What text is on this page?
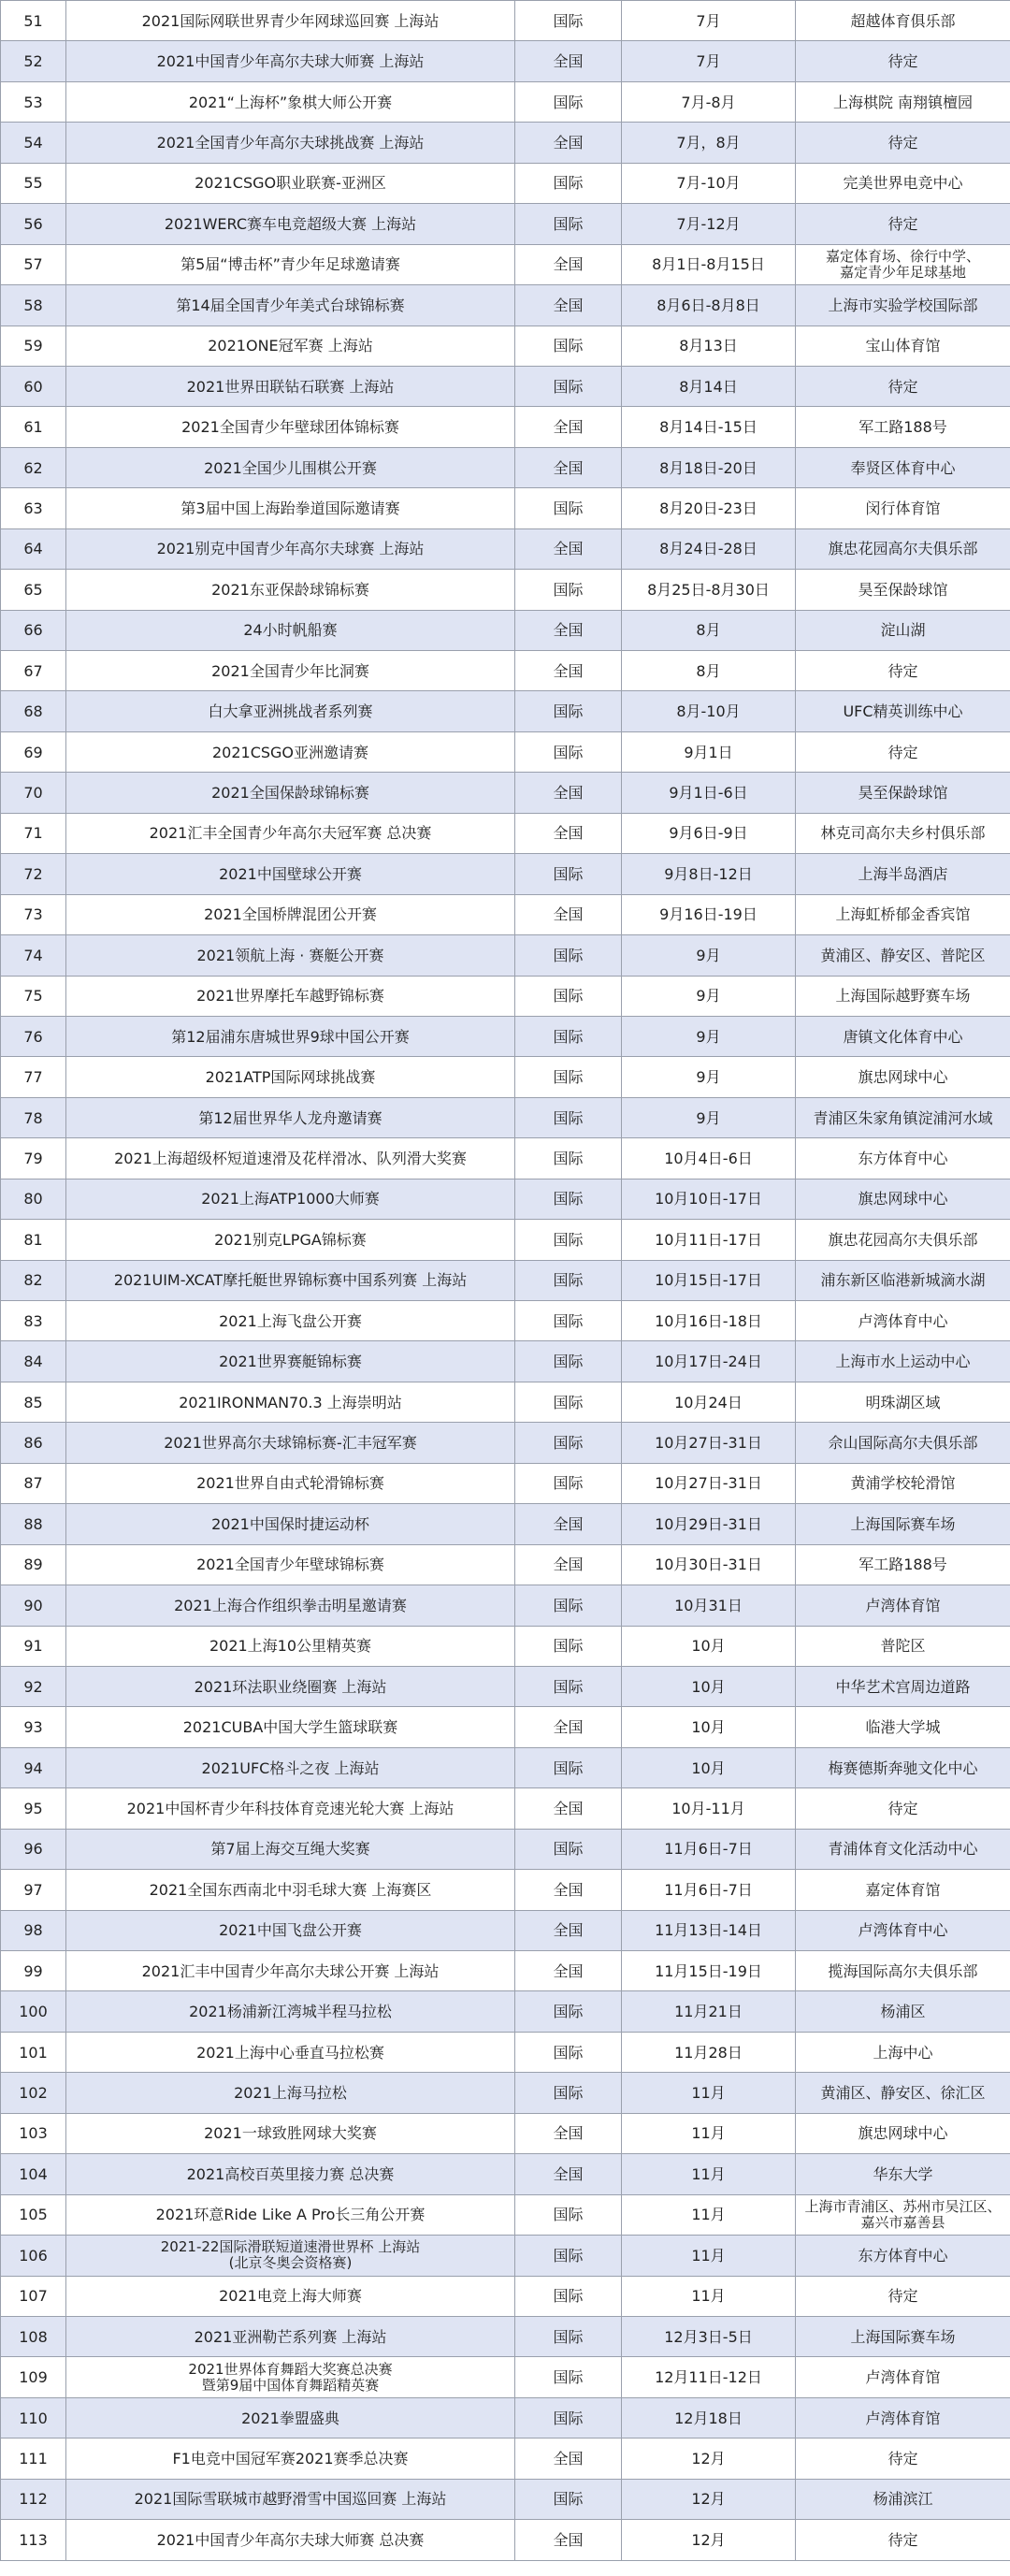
51	2021国际网联世界青少年网球巡回赛 上海站	国际	7月	超越体育俱乐部
52	2021中国青少年高尔夫球大师赛 上海站	全国	7月	待定
53	2021“上海杯”象棋大师公开赛	国际	7月-8月	上海棋院 南翔镇檀园
54	2021全国青少年高尔夫球挑战赛 上海站	全国	7月，8月	待定
55	2021CSGO职业联赛-亚洲区	国际	7月-10月	完美世界电竞中心
56	2021WERC赛车电竞超级大赛 上海站	国际	7月-12月	待定
57	第5届“博击杯”青少年足球邀请赛	全国	8月1日-8月15日	嘉定体育场、徐行中学、
嘉定青少年足球基地
58	第14届全国青少年美式台球锦标赛	全国	8月6日-8月8日	上海市实验学校国际部
59	2021ONE冠军赛 上海站	国际	8月13日	宝山体育馆
60	2021世界田联钻石联赛 上海站	国际	8月14日	待定
61	2021全国青少年壁球团体锦标赛	全国	8月14日-15日	军工路188号
62	2021全国少儿围棋公开赛	全国	8月18日-20日	奉贤区体育中心
63	第3届中国上海跆拳道国际邀请赛	国际	8月20日-23日	闵行体育馆
64	2021别克中国青少年高尔夫球赛 上海站	全国	8月24日-28日	旗忠花园高尔夫俱乐部
65	2021东亚保龄球锦标赛	国际	8月25日-8月30日	昊至保龄球馆
66	24小时帆船赛	全国	8月	淀山湖
67	2021全国青少年比洞赛	全国	8月	待定
68	白大拿亚洲挑战者系列赛	国际	8月-10月	UFC精英训练中心
69	2021CSGO亚洲邀请赛	国际	9月1日	待定
70	2021全国保龄球锦标赛	全国	9月1日-6日	昊至保龄球馆
71	2021汇丰全国青少年高尔夫冠军赛 总决赛	全国	9月6日-9日	林克司高尔夫乡村俱乐部
72	2021中国壁球公开赛	国际	9月8日-12日	上海半岛酒店
73	2021全国桥牌混团公开赛	全国	9月16日-19日	上海虹桥郁金香宾馆
74	2021领航上海 · 赛艇公开赛	国际	9月	黄浦区、静安区、普陀区
75	2021世界摩托车越野锦标赛	国际	9月	上海国际越野赛车场
76	第12届浦东唐城世界9球中国公开赛	国际	9月	唐镇文化体育中心
77	2021ATP国际网球挑战赛	国际	9月	旗忠网球中心
78	第12届世界华人龙舟邀请赛	国际	9月	青浦区朱家角镇淀浦河水域
79	2021上海超级杯短道速滑及花样滑冰、队列滑大奖赛	国际	10月4日-6日	东方体育中心
80	2021上海ATP1000大师赛	国际	10月10日-17日	旗忠网球中心
81	2021别克LPGA锦标赛	国际	10月11日-17日	旗忠花园高尔夫俱乐部
82	2021UIM-XCAT摩托艇世界锦标赛中国系列赛 上海站	国际	10月15日-17日	浦东新区临港新城滴水湖
83	2021上海飞盘公开赛	国际	10月16日-18日	卢湾体育中心
84	2021世界赛艇锦标赛	国际	10月17日-24日	上海市水上运动中心
85	2021IRONMAN70.3 上海崇明站	国际	10月24日	明珠湖区域
86	2021世界高尔夫球锦标赛-汇丰冠军赛	国际	10月27日-31日	佘山国际高尔夫俱乐部
87	2021世界自由式轮滑锦标赛	国际	10月27日-31日	黄浦学校轮滑馆
88	2021中国保时捷运动杯	全国	10月29日-31日	上海国际赛车场
89	2021全国青少年壁球锦标赛	全国	10月30日-31日	军工路188号
90	2021上海合作组织拳击明星邀请赛	国际	10月31日	卢湾体育馆
91	2021上海10公里精英赛	国际	10月	普陀区
92	2021环法职业绕圈赛 上海站	国际	10月	中华艺术宫周边道路
93	2021CUBA中国大学生篮球联赛	全国	10月	临港大学城
94	2021UFC格斗之夜 上海站	国际	10月	梅赛德斯奔驰文化中心
95	2021中国杯青少年科技体育竞速光轮大赛 上海站	全国	10月-11月	待定
96	第7届上海交互绳大奖赛	国际	11月6日-7日	青浦体育文化活动中心
97	2021全国东西南北中羽毛球大赛 上海赛区	全国	11月6日-7日	嘉定体育馆
98	2021中国飞盘公开赛	全国	11月13日-14日	卢湾体育中心
99	2021汇丰中国青少年高尔夫球公开赛 上海站	全国	11月15日-19日	揽海国际高尔夫俱乐部
100	2021杨浦新江湾城半程马拉松	国际	11月21日	杨浦区
101	2021上海中心垂直马拉松赛	国际	11月28日	上海中心
102	2021上海马拉松	国际	11月	黄浦区、静安区、徐汇区
103	2021一球致胜网球大奖赛	全国	11月	旗忠网球中心
104	2021高校百英里接力赛 总决赛	全国	11月	华东大学
105	2021环意Ride Like A Pro长三角公开赛	国际	11月	上海市青浦区、苏州市吴江区、
嘉兴市嘉善县
106	2021-22国际滑联短道速滑世界杯 上海站
(北京冬奥会资格赛)	国际	11月	东方体育中心
107	2021电竞上海大师赛	国际	11月	待定
108	2021亚洲勒芒系列赛 上海站	国际	12月3日-5日	上海国际赛车场
109	2021世界体育舞蹈大奖赛总决赛
暨第9届中国体育舞蹈精英赛	国际	12月11日-12日	卢湾体育馆
110	2021拳盟盛典	国际	12月18日	卢湾体育馆
111	F1电竞中国冠军赛2021赛季总决赛	全国	12月	待定
112	2021国际雪联城市越野滑雪中国巡回赛 上海站	国际	12月	杨浦滨江
113	2021中国青少年高尔夫球大师赛 总决赛	全国	12月	待定
